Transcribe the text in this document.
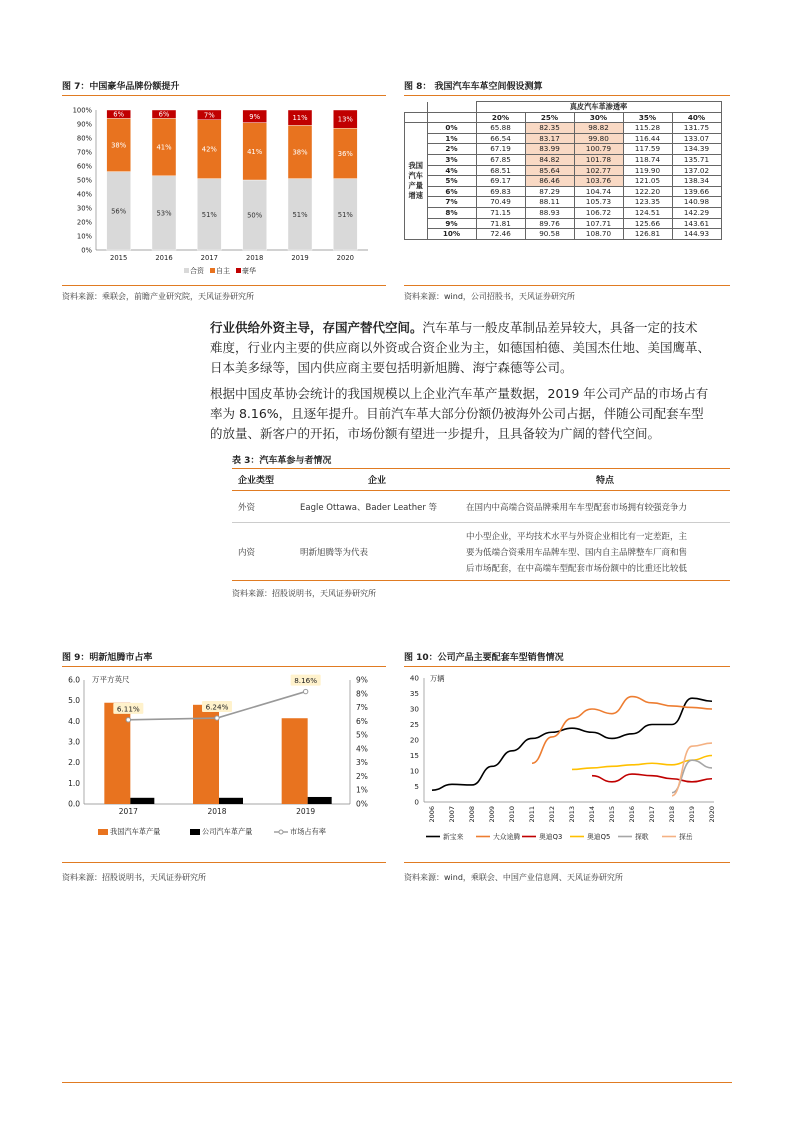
图 7：中国豪华品牌份额提升
0%
10%
20%
30%
40%
50%
60%
70%
80%
90%
100%
56%
38%
6%
2015
53%
41%
6%
2016
51%
42%
7%
2017
50%
41%
9%
2018
51%
38%
11%
2019
51%
36%
13%
2020
合资 自主 豪华
资料来源：乘联会，前瞻产业研究院，天风证券研究所
图 8： 我国汽车车革空间假设测算
		真皮汽车革渗透率				
		20%	25%	30%	35%	40%

我国
汽车
产量
增速	0%	65.88	82.35	98.82	115.28	131.75
	1%	66.54	83.17	99.80	116.44	133.07
	2%	67.19	83.99	100.79	117.59	134.39
	3%	67.85	84.82	101.78	118.74	135.71
	4%	68.51	85.64	102.77	119.90	137.02
	5%	69.17	86.46	103.76	121.05	138.34
	6%	69.83	87.29	104.74	122.20	139.66
	7%	70.49	88.11	105.73	123.35	140.98
	8%	71.15	88.93	106.72	124.51	142.29
	9%	71.81	89.76	107.71	125.66	143.61
	10%	72.46	90.58	108.70	126.81	144.93
资料来源：wind，公司招股书，天风证券研究所
行业供给外资主导，存国产替代空间。汽车革与一般皮革制品差异较大，具备一定的技术
难度，行业内主要的供应商以外资或合资企业为主，如德国柏德、美国杰仕地、美国鹰革、
日本美多绿等，国内供应商主要包括明新旭腾、海宁森德等公司。
根据中国皮革协会统计的我国规模以上企业汽车革产量数据，2019 年公司产品的市场占有
率为 8.16%，且逐年提升。目前汽车革大部分份额仍被海外公司占据，伴随公司配套车型
的放量、新客户的开拓，市场份额有望进一步提升，且具备较为广阔的替代空间。
表 3：汽车革参与者情况
企业类型	企业	特点
外资	Eagle Ottawa、Bader Leather 等	在国内中高端合资品牌乘用车车型配套市场拥有较强竞争力
内资	明新旭腾等为代表
中小型企业，平均技术水平与外资企业相比有一定差距，主
要为低端合资乘用车品牌车型、国内自主品牌整车厂商和售
后市场配套，在中高端车型配套市场份额中的比重还比较低
资料来源：招股说明书，天风证券研究所
图 9：明新旭腾市占率
0.0
1.0
2.0
3.0
4.0
5.0
6.0
0%
1%
2%
3%
4%
5%
6%
7%
8%
9%
万平方英尺
2017	2018	2019
6.11%	6.24%
8.16%
我国汽车革产量	公司汽车革产量	市场占有率
资料来源：招股说明书，天风证券研究所
图 10：公司产品主要配套车型销售情况
0
5
10
15
20
25
30
35
40 万辆
2006 2007 2008 2009 2010 2011 2012 2013 2014 2015 2016 2017 2018 2019 2020
新宝来	大众途腾	奥迪Q3	奥迪Q5	探歌	探岳
资料来源：wind，乘联会、中国产业信息网、天风证券研究所
